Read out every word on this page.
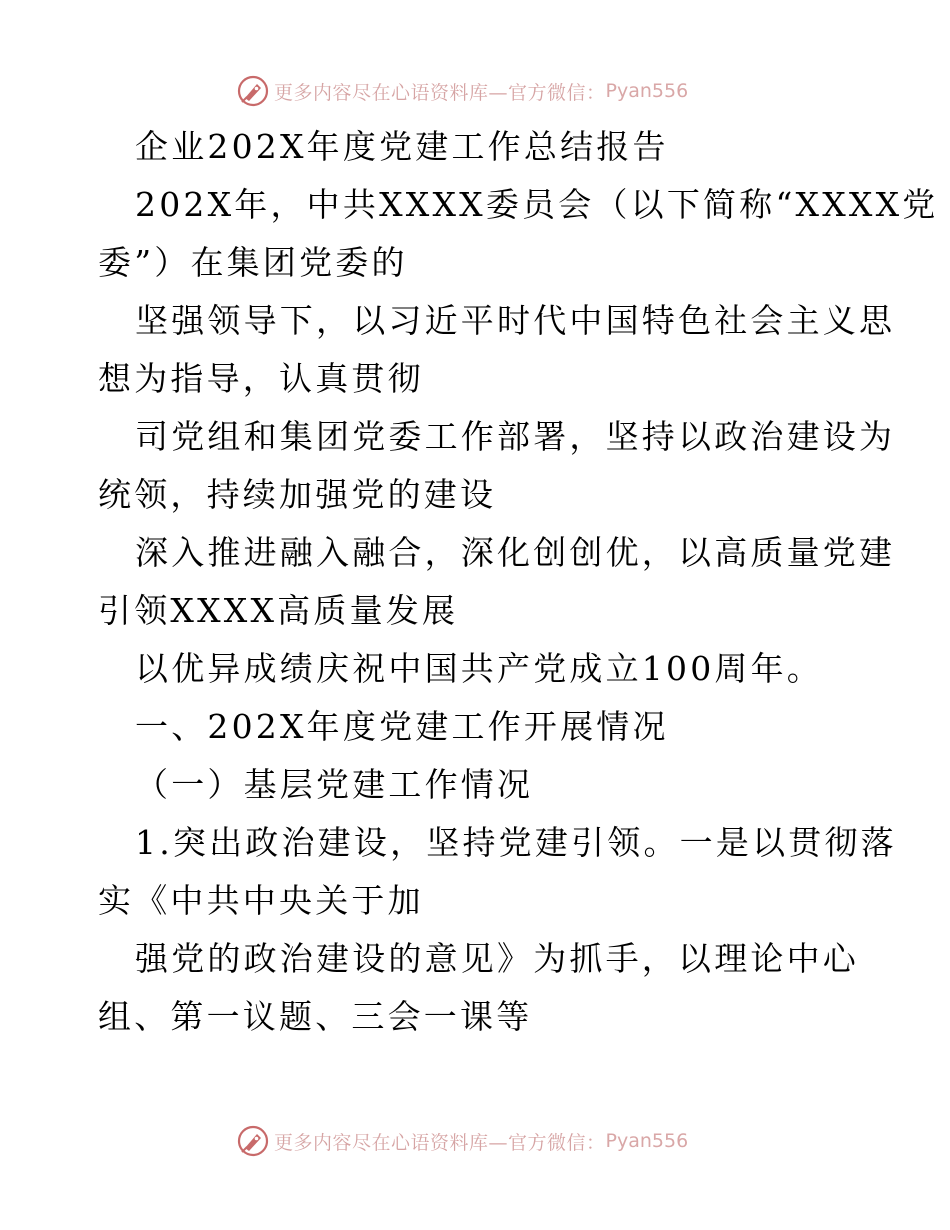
更多内容尽在心语资料库—官方微信： Pyan556
企业202X年度党建工作总结报告
202X年，中共XXXX委员会（以下简称“XXXX党
委”）在集团党委的
坚强领导下，以习近平时代中国特色社会主义思
想为指导，认真贯彻
司党组和集团党委工作部署，坚持以政治建设为
统领，持续加强党的建设
深入推进融入融合，深化创创优，以高质量党建
引领XXXX高质量发展
以优异成绩庆祝中国共产党成立100周年。
一、202X年度党建工作开展情况
（一）基层党建工作情况
1.突出政治建设，坚持党建引领。一是以贯彻落
实《中共中央关于加
强党的政治建设的意见》为抓手，以理论中心
组、第一议题、三会一课等
更多内容尽在心语资料库—官方微信： Pyan556
